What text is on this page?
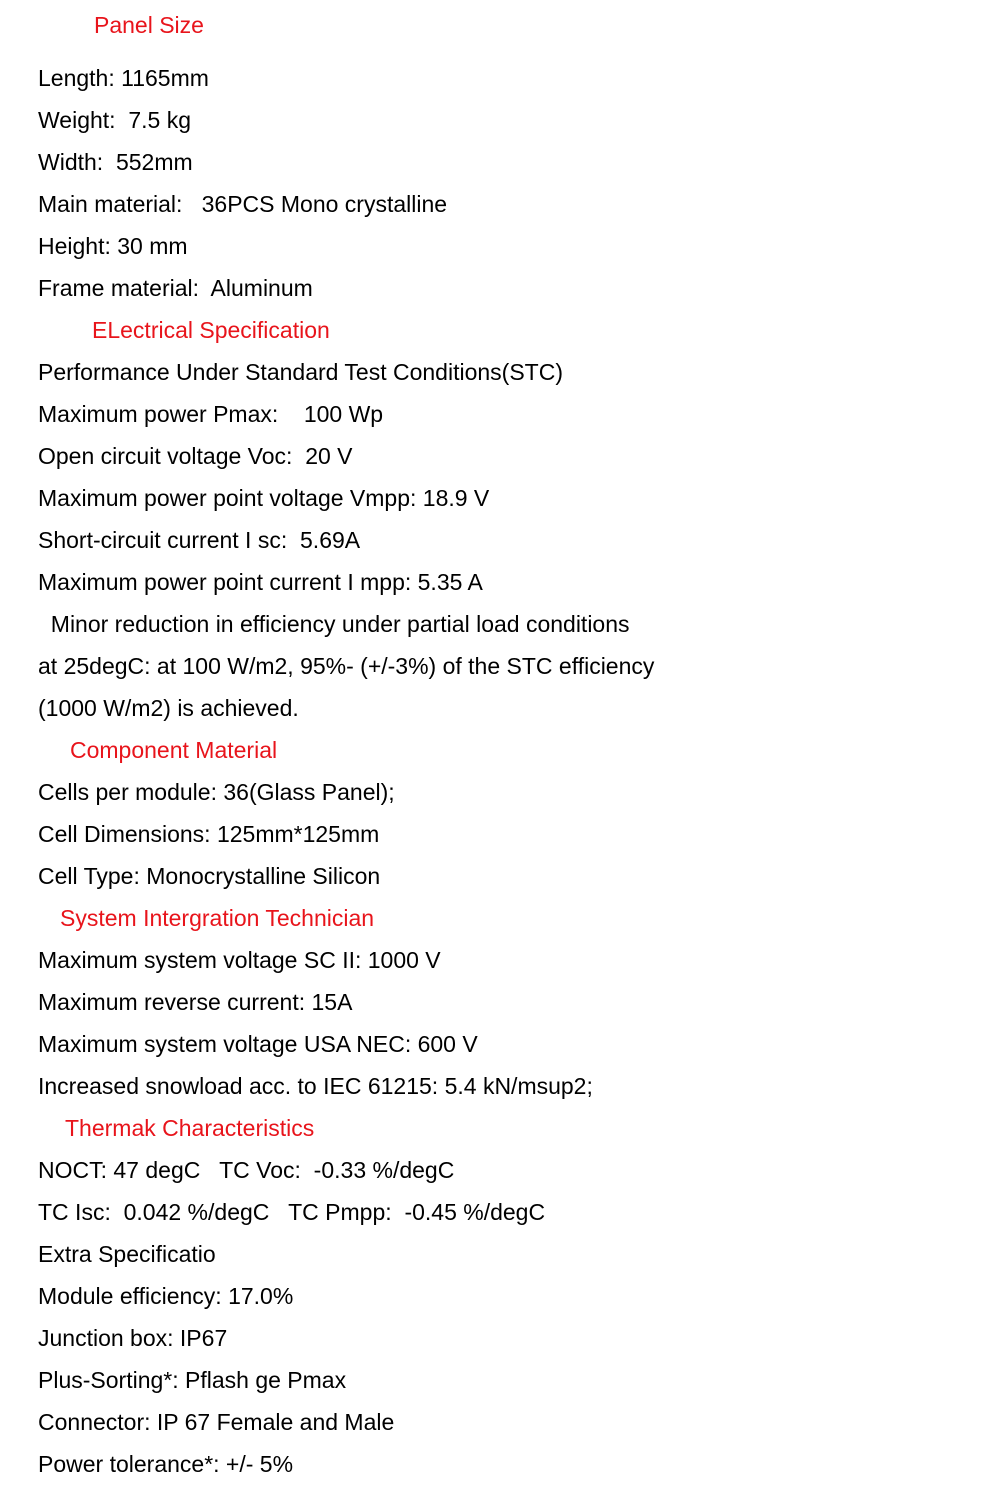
Panel Size
Length: 1165mm
Weight:  7.5 kg
Width:  552mm
Main material:   36PCS Mono crystalline
Height: 30 mm
Frame material:  Aluminum
ELectrical Specification
Performance Under Standard Test Conditions(STC)
Maximum power Pmax:    100 Wp
Open circuit voltage Voc:  20 V
Maximum power point voltage Vmpp: 18.9 V
Short-circuit current I sc:  5.69A
Maximum power point current I mpp: 5.35 A
Minor reduction in efficiency under partial load conditions
at 25degC: at 100 W/m2, 95%- (+/-3%) of the STC efficiency
(1000 W/m2) is achieved.
Component Material
Cells per module: 36(Glass Panel);
Cell Dimensions: 125mm*125mm
Cell Type: Monocrystalline Silicon
System Intergration Technician
Maximum system voltage SC II: 1000 V
Maximum reverse current: 15A
Maximum system voltage USA NEC: 600 V
Increased snowload acc. to IEC 61215: 5.4 kN/msup2;
Thermak Characteristics
NOCT: 47 degC   TC Voc:  -0.33 %/degC
TC Isc:  0.042 %/degC   TC Pmpp:  -0.45 %/degC
Extra Specificatio
Module efficiency: 17.0%
Junction box: IP67
Plus-Sorting*: Pflash ge Pmax
Connector: IP 67 Female and Male
Power tolerance*: +/- 5%
